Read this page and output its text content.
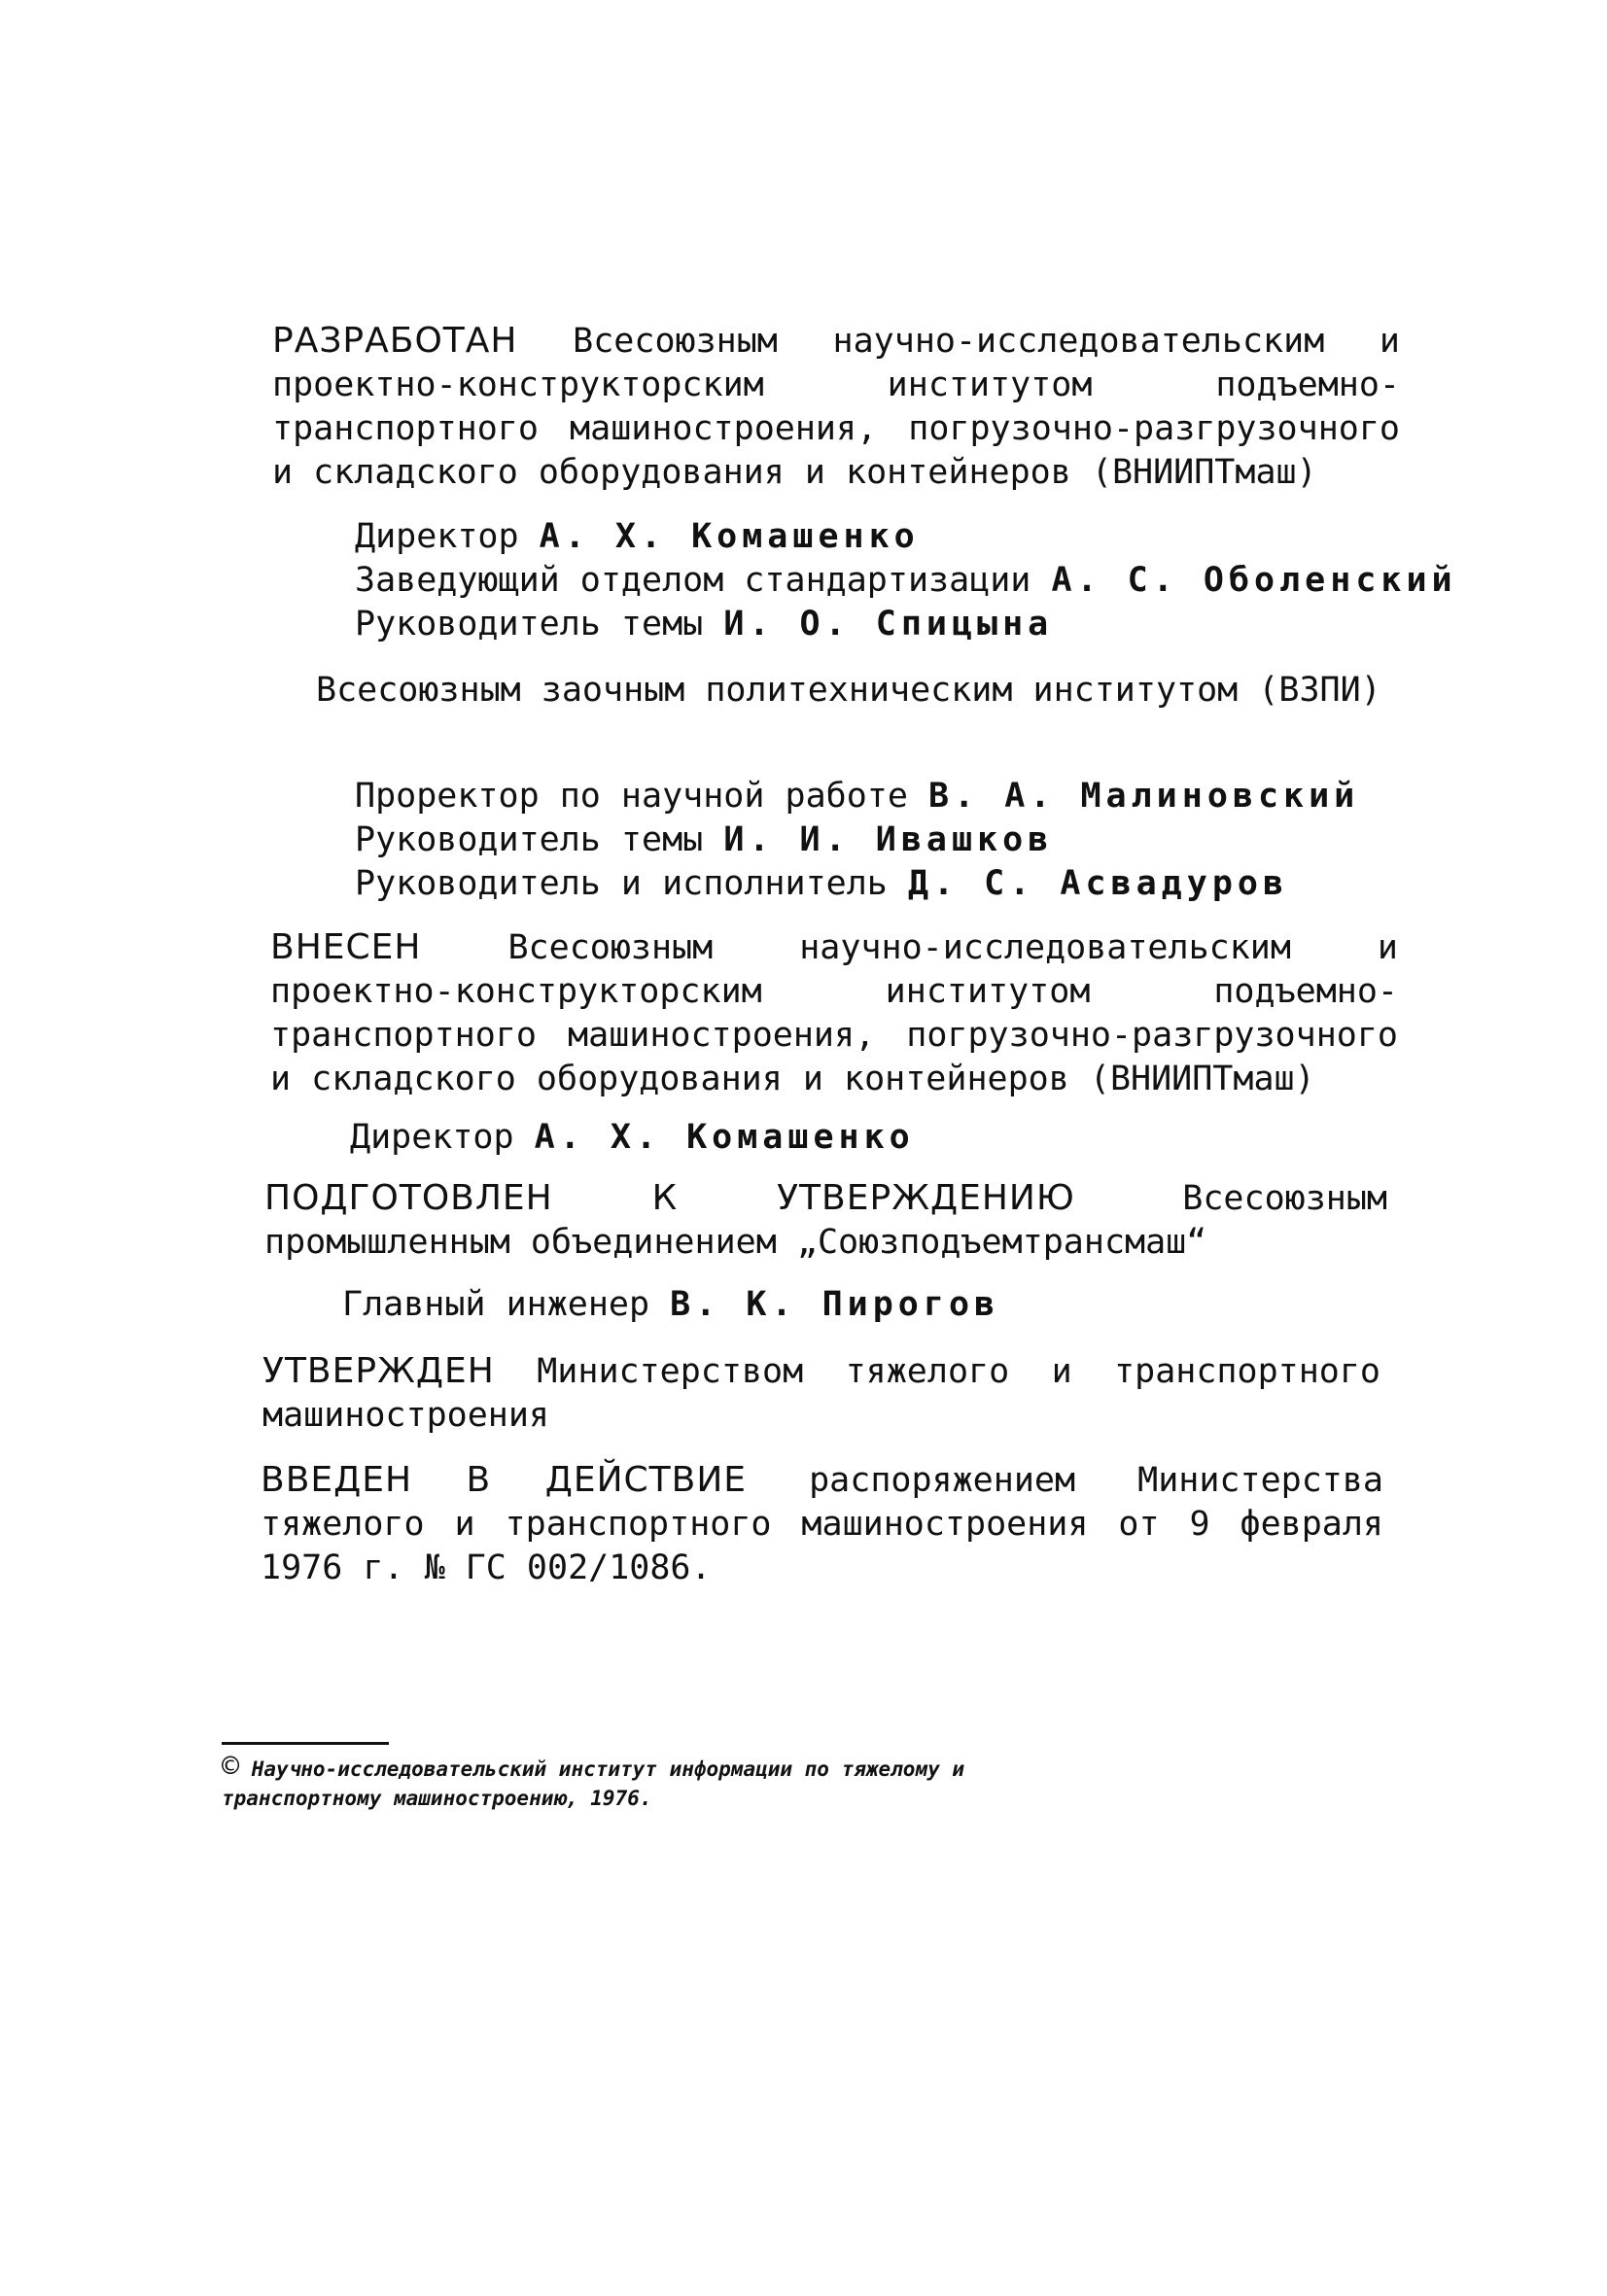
РАЗРАБОТАН Всесоюзным научно-исследовательским и проектно-конструкторским институтом подъемно-транспортного машиностроения, погрузочно-разгрузочного и складского оборудования и контейнеров (ВНИИПТмаш)
Директор А. Х. Комашенко
Заведующий отделом стандартизации А. С. Оболенский
Руководитель темы И. О. Спицына
Всесоюзным заочным политехническим институтом (ВЗПИ)
Проректор по научной работе В. А. Малиновский
Руководитель темы И. И. Ивашков
Руководитель и исполнитель Д. С. Асвадуров
ВНЕСЕН	Всесоюзным научно-исследовательским и проектно-конструкторским институтом подъемно-транспортного машиностроения, погрузочно-разгрузочного и складского оборудования и контейнеров (ВНИИПТмаш)
Директор А. Х. Комашенко
ПОДГОТОВЛЕН К УТВЕРЖДЕНИЮ	Всесоюзным промышленным объединением „Союзподъемтрансмаш“
Главный инженер В. К. Пирогов
УТВЕРЖДЕН Министерством тяжелого и транспортного машиностроения
ВВЕДЕН В ДЕЙСТВИЕ распоряжением Министерства тяжелого и транспортного машиностроения от 9 февраля 1976 г. № ГС 002/1086.
© Научно-исследовательский институт информации по тяжелому и транспортному машиностроению, 1976.
